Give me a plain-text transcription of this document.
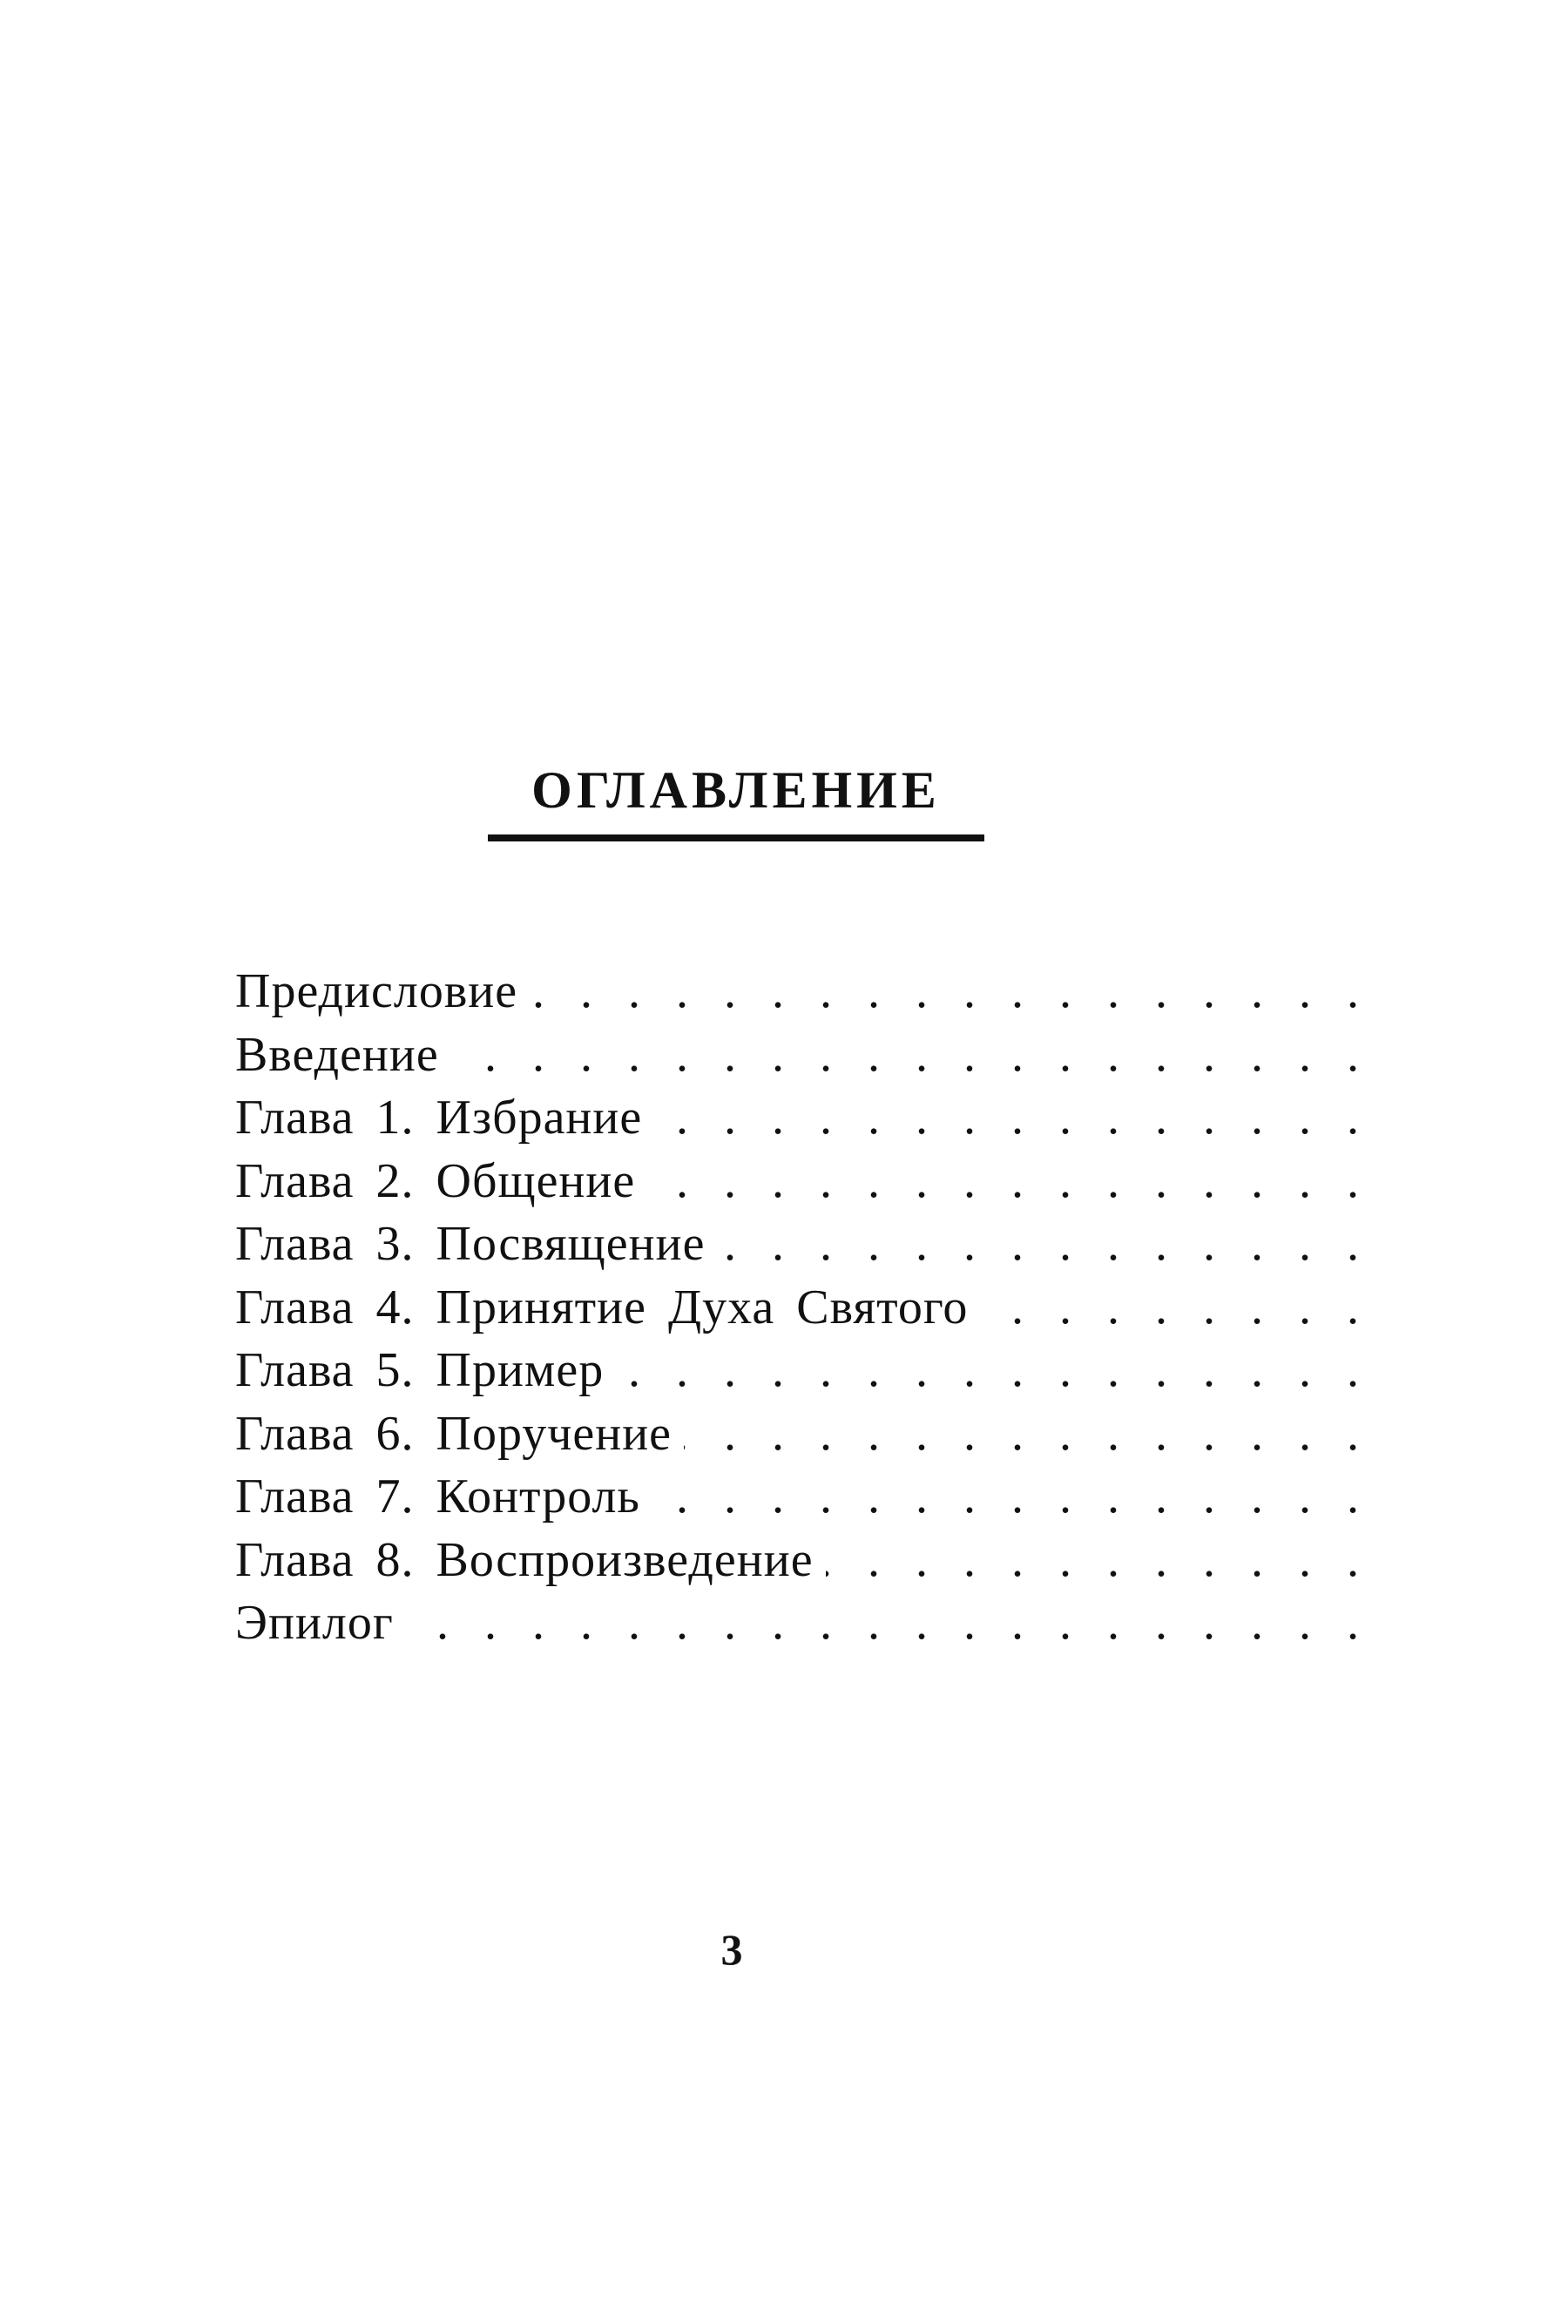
ОГЛАВЛЕНИЕ
Предисловие
. . .
Введение
. . .
Глава 1. Избрание
. . .
Глава 2. Общение
. . .
Глава 3. Посвящение
. . .
Глава 4. Принятие Духа Святого
. . .
Глава 5. Пример
. . .
Глава 6. Поручение
. . .
Глава 7. Контроль
. . .
Глава 8. Воспроизведение
. . .
Эпилог
. . .
3
